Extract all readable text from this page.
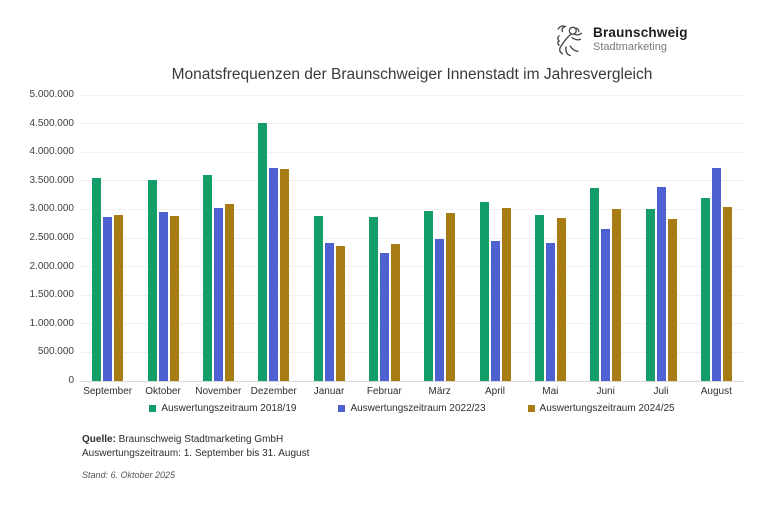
Braunschweig
Stadtmarketing
Monatsfrequenzen der Braunschweiger Innenstadt im Jahresvergleich
0
500.000
1.000.000
1.500.000
2.000.000
2.500.000
3.000.000
3.500.000
4.000.000
4.500.000
5.000.000
September	Oktober	November Dezember	Januar	Februar	März	April	Mai	Juni	Juli	August
Auswertungszeitraum 2018/19	Auswertungszeitraum 2022/23	Auswertungszeitraum 2024/25
Quelle: Braunschweig Stadtmarketing GmbH
Auswertungszeitraum: 1. September bis 31. August
Stand: 6. Oktober 2025
